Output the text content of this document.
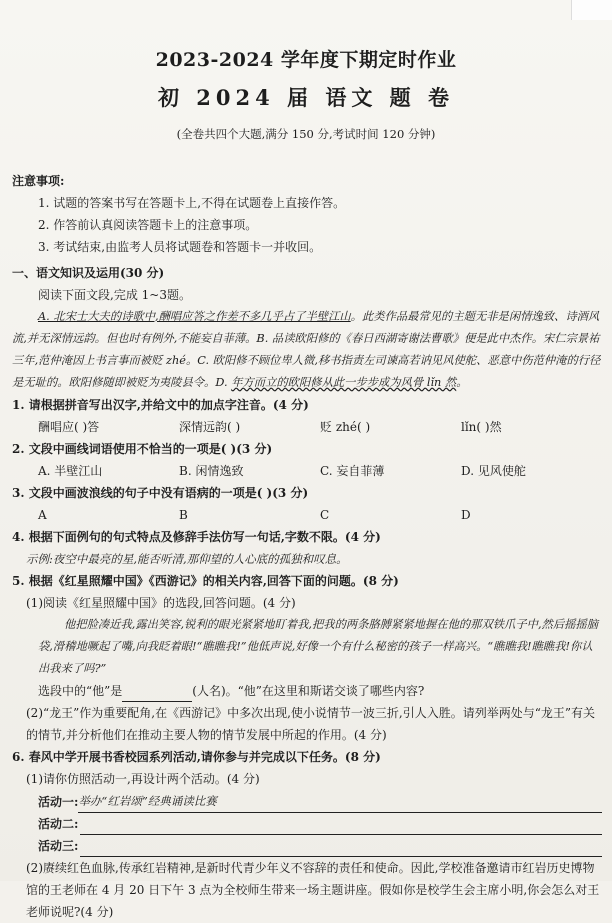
2023-2024 学年度下期定时作业
初 2024 届 语文 题 卷
(全卷共四个大题,满分 150 分,考试时间 120 分钟)
注意事项:
1. 试题的答案书写在答题卡上,不得在试题卷上直接作答。
2. 作答前认真阅读答题卡上的注意事项。
3. 考试结束,由监考人员将试题卷和答题卡一并收回。
一、语文知识及运用(30 分)
阅读下面文段,完成 1~3题。
A. 北宋士大夫的诗歌中,酬唱应答之作差不多几乎占了半壁江山。此类作品最常见的主题无非是闲情逸致、诗酒风流,并无深情远韵。但也时有例外,不能妄自菲薄。B. 品读欧阳修的《春日西湖寄谢法曹歌》便是此中杰作。宋仁宗景祐三年,范仲淹因上书言事而被贬 zhé。C. 欧阳修不顾位卑人微,移书指责左司谏高若讷见风使舵、恶意中伤范仲淹的行径是无耻的。欧阳修随即被贬为夷陵县令。D. 年方而立的欧阳修从此一步步成为风骨 lǐn 然。
1. 请根据拼音写出汉字,并给文中的加点字注音。(4 分)
酬唱应( )答	深情远韵( )	贬 zhé( )	lǐn( )然
2. 文段中画线词语使用不恰当的一项是( )(3 分)
A. 半壁江山	B. 闲情逸致	C. 妄自菲薄	D. 见风使舵
3. 文段中画波浪线的句子中没有语病的一项是( )(3 分)
A	B	C	D
4. 根据下面例句的句式特点及修辞手法仿写一句话,字数不限。(4 分)
示例:夜空中最亮的星,能否听清,那仰望的人心底的孤独和叹息。
5. 根据《红星照耀中国》《西游记》的相关内容,回答下面的问题。(8 分)
(1)阅读《红星照耀中国》的选段,回答问题。(4 分)
他把脸凑近我,露出笑容,锐利的眼光紧紧地盯着我,把我的两条胳膊紧紧地握在他的那双铁爪子中,然后摇摇脑袋,滑稽地噘起了嘴,向我眨着眼!“瞧瞧我!”他低声说,好像一个有什么秘密的孩子一样高兴。“瞧瞧我!瞧瞧我!你认出我来了吗?”
选段中的“他”是	(人名)。“他”在这里和斯诺交谈了哪些内容?
(2)“龙王”作为重要配角,在《西游记》中多次出现,使小说情节一波三折,引人入胜。请列举两处与“龙王”有关的情节,并分析他们在推动主要人物的情节发展中所起的作用。(4 分)
6. 春风中学开展书香校园系列活动,请你参与并完成以下任务。(8 分)
(1)请你仿照活动一,再设计两个活动。(4 分)
活动一: 举办“红岩颂”经典诵读比赛
活动二:
活动三:
(2)赓续红色血脉,传承红岩精神,是新时代青少年义不容辞的责任和使命。因此,学校准备邀请市红岩历史博物馆的王老师在 4 月 20 日下午 3 点为全校师生带来一场主题讲座。假如你是校学生会主席小明,你会怎么对王老师说呢?(4 分)
